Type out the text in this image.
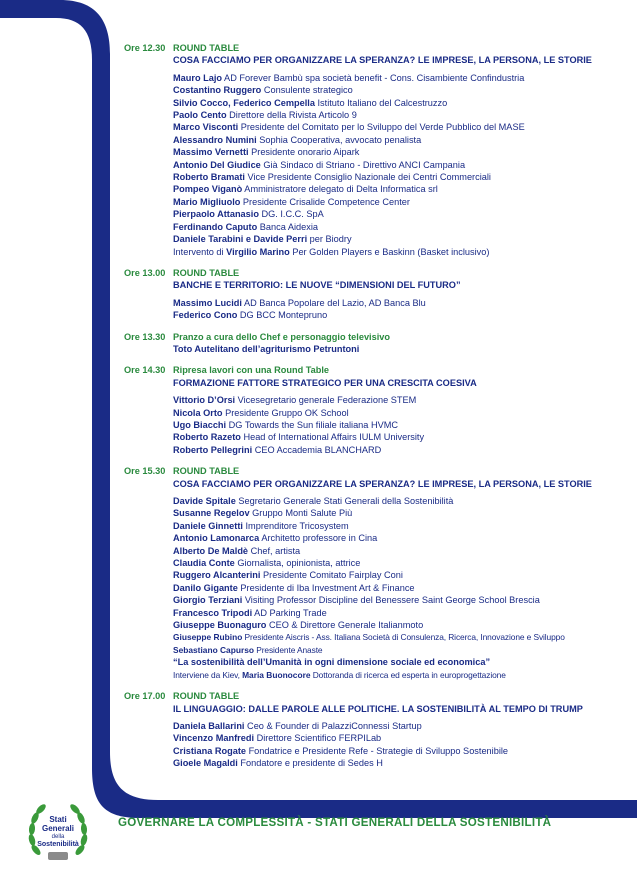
Ore 12.30 ROUND TABLE
COSA FACCIAMO PER ORGANIZZARE LA SPERANZA? LE IMPRESE, LA PERSONA, LE STORIE
Mauro Lajo AD Forever Bambù spa società benefit - Cons. Cisambiente Confindustria
Costantino Ruggero Consulente strategico
Silvio Cocco, Federico Cempella Istituto Italiano del Calcestruzzo
Paolo Cento Direttore della Rivista Articolo 9
Marco Visconti Presidente del Comitato per lo Sviluppo del Verde Pubblico del MASE
Alessandro Numini Sophia Cooperativa, avvocato penalista
Massimo Vernetti Presidente onorario Aipark
Antonio Del Giudice Già Sindaco di Striano - Direttivo ANCI Campania
Roberto Bramati Vice Presidente Consiglio Nazionale dei Centri Commerciali
Pompeo Viganò Amministratore delegato di Delta Informatica srl
Mario Migliuolo Presidente Crisalide Competence Center
Pierpaolo Attanasio DG. I.C.C. SpA
Ferdinando Caputo Banca Aidexia
Daniele Tarabini e Davide Perri per Biodry
Intervento di Virgilio Marino Per Golden Players e Baskinn (Basket inclusivo)
Ore 13.00 ROUND TABLE
BANCHE E TERRITORIO: LE NUOVE “DIMENSIONI DEL FUTURO”
Massimo Lucidi AD Banca Popolare del Lazio, AD Banca Blu
Federico Cono DG BCC Montepruno
Ore 13.30 Pranzo a cura dello Chef e personaggio televisivo
Toto Autelitano dell’agriturismo Petruntoni
Ore 14.30 Ripresa lavori con una Round Table
FORMAZIONE FATTORE STRATEGICO PER UNA CRESCITA COESIVA
Vittorio D’Orsi Vicesegretario generale Federazione STEM
Nicola Orto Presidente Gruppo OK School
Ugo Biacchi DG Towards the Sun filiale italiana HVMC
Roberto Razeto Head of International Affairs IULM University
Roberto Pellegrini CEO Accademia BLANCHARD
Ore 15.30 ROUND TABLE
COSA FACCIAMO PER ORGANIZZARE LA SPERANZA? LE IMPRESE, LA PERSONA, LE STORIE
Davide Spitale Segretario Generale Stati Generali della Sostenibilità
Susanne Regelov Gruppo Monti Salute Più
Daniele Ginnetti Imprenditore Tricosystem
Antonio Lamonarca Architetto professore in Cina
Alberto De Maldè Chef, artista
Claudia Conte Giornalista, opinionista, attrice
Ruggero Alcanterini Presidente Comitato Fairplay Coni
Danilo Gigante Presidente di Iba Investment Art & Finance
Giorgio Terziani Visiting Professor Discipline del Benessere Saint George School Brescia
Francesco Tripodi AD Parking Trade
Giuseppe Buonaguro CEO & Direttore Generale Italianmoto
Giuseppe Rubino Presidente Aiscris - Ass. Italiana Società di Consulenza, Ricerca, Innovazione e Sviluppo
Sebastiano Capurso Presidente Anaste
“La sostenibilità dell’Umanità in ogni dimensione sociale ed economica”
Interviene da Kiev, Maria Buonocore Dottoranda di ricerca ed esperta in europrogettazione
Ore 17.00 ROUND TABLE
IL LINGUAGGIO: DALLE PAROLE ALLE POLITICHE. LA SOSTENIBILITÀ AL TEMPO DI TRUMP
Daniela Ballarini Ceo & Founder di PalazziConnessi Startup
Vincenzo Manfredi Direttore Scientifico FERPILab
Cristiana Rogate Fondatrice e Presidente Refe - Strategie di Sviluppo Sostenibile
Gioele Magaldi Fondatore e presidente di Sedes H
Stati
Generali
della
Sostenibilità
GOVERNARE LA COMPLESSITÀ - STATI GENERALI DELLA SOSTENIBILITÀ
